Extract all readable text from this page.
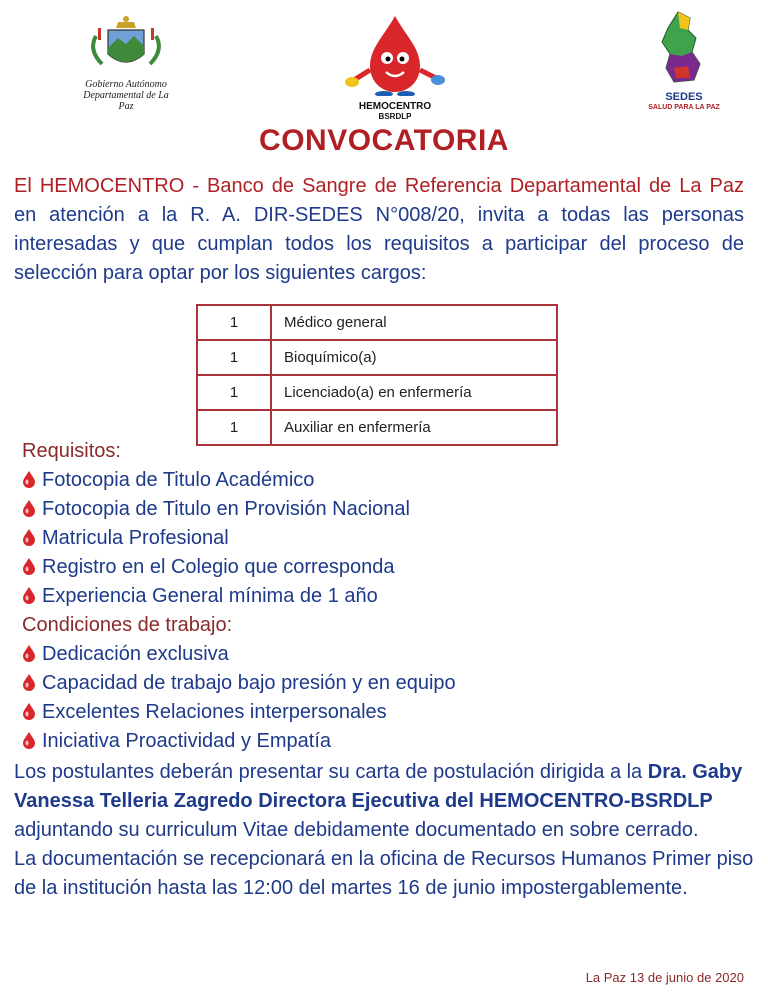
Gobierno Autónomo
Departamental de La Paz	HEMOCENTRO
BSRDLP
SEDES
SALUD PARA LA PAZ
CONVOCATORIA
El HEMOCENTRO - Banco de Sangre de Referencia Departamental de La Paz en atención a la R. A. DIR-SEDES N°008/20, invita a todas las personas interesadas y que cumplan todos los requisitos a participar del proceso de selección para optar por los siguientes cargos:
1	Médico general
1	Bioquímico(a)
1	Licenciado(a) en enfermería
1	Auxiliar en enfermería
Requisitos:
Fotocopia de Titulo Académico
Fotocopia de Titulo en Provisión Nacional
Matricula Profesional
Registro en el Colegio que corresponda
Experiencia General mínima de 1 año
Condiciones de trabajo:
Dedicación exclusiva
Capacidad de trabajo bajo presión y en equipo
Excelentes Relaciones interpersonales
Iniciativa Proactividad y Empatía
Los postulantes deberán presentar su carta de postulación dirigida a la Dra. Gaby Vanessa Telleria Zagredo Directora Ejecutiva del HEMOCENTRO-BSRDLP adjuntando su curriculum Vitae debidamente documentado en sobre cerrado.
La documentación se recepcionará en la oficina de Recursos Humanos Primer piso de la institución hasta las 12:00 del martes 16 de junio impostergablemente.
La Paz 13 de junio de 2020
